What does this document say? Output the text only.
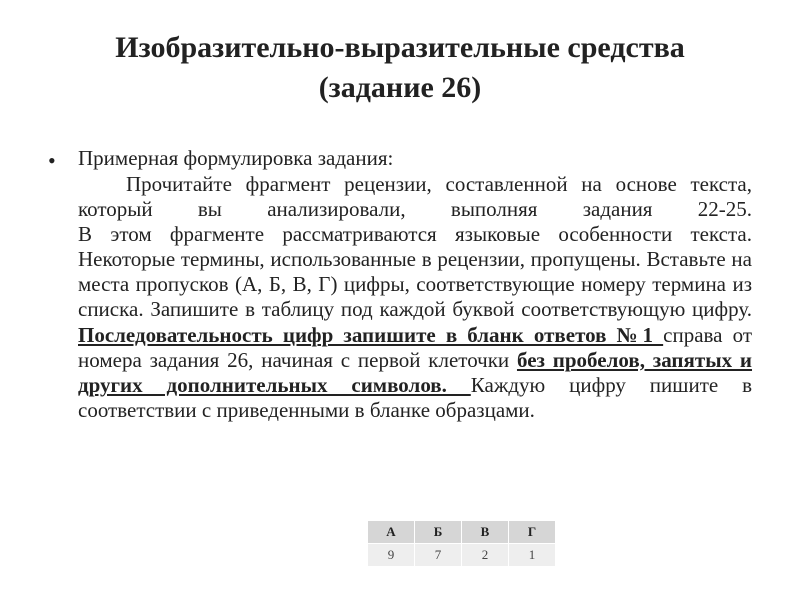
Изобразительно-выразительные средства
(задание 26)
• Примерная формулировка задания:

Прочитайте фрагмент рецензии, составленной на основе текста, который вы анализировали, выполняя задания 22-25.

В этом фрагменте рассматриваются языковые особенности текста. Некоторые термины, использованные в рецензии, пропущены. Вставьте на места пропусков (А, Б, В, Г) цифры, соответствующие номеру термина из списка. Запишите в таблицу под каждой буквой соответствующую цифру. Последовательность цифр запишите в бланк ответов №1 справа от номера задания 26, начиная с первой клеточки без пробелов, запятых и других дополнительных символов. Каждую цифру пишите в соответствии с приведенными в бланке образцами.

А	Б	В	Г
9	7	2	1
